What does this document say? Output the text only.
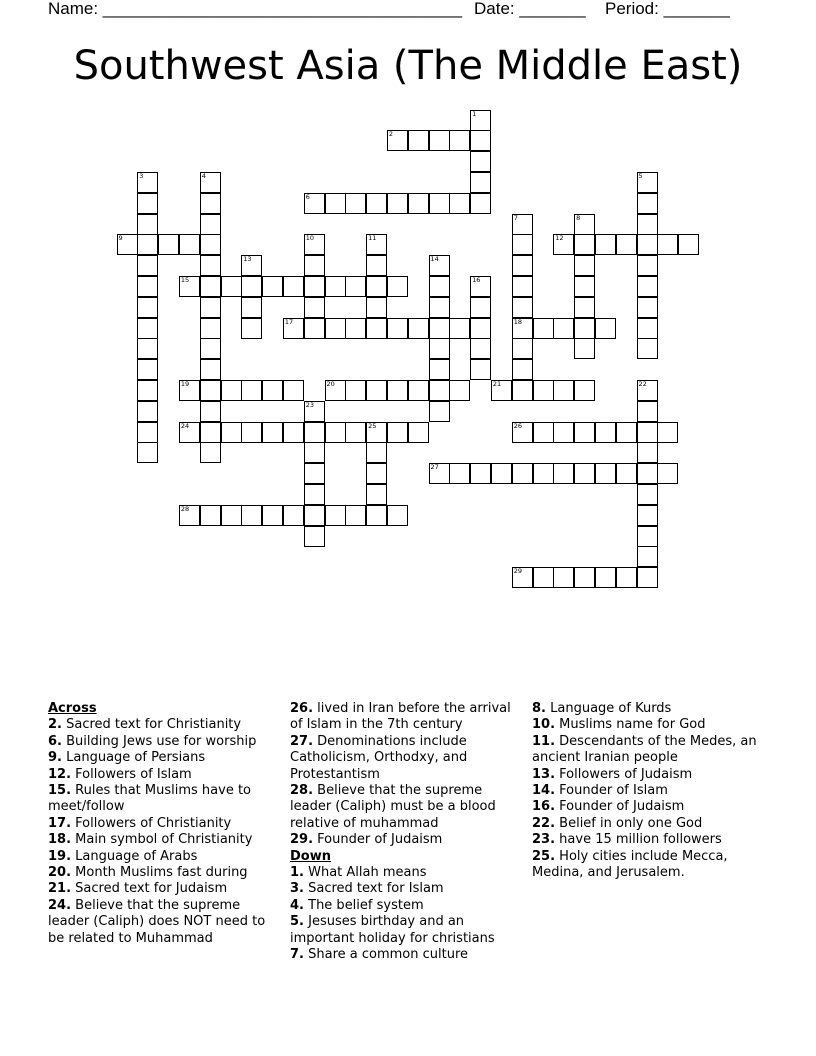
Name: ______________________________________ Date: _______ Period: _______
Southwest Asia (The Middle East)
1
2
3	4	5
6
7
18
8
9	10	11	12
13	14
15	16
17
19	20	21	22
23
24	25	26
27
28
29
Across
2. Sacred text for Christianity
6. Building Jews use for worship
9. Language of Persians
12. Followers of Islam
15. Rules that Muslims have to meet/follow
17. Followers of Christianity
18. Main symbol of Christianity
19. Language of Arabs
20. Month Muslims fast during
21. Sacred text for Judaism
24. Believe that the supreme leader (Caliph) does NOT need to be related to Muhammad
26. lived in Iran before the arrival of Islam in the 7th century
27. Denominations include Catholicism, Orthodxy, and Protestantism
28. Believe that the supreme leader (Caliph) must be a blood relative of muhammad
29. Founder of Judaism
Down
1. What Allah means
3. Sacred text for Islam
4. The belief system
5. Jesuses birthday and an important holiday for christians
7. Share a common culture
8. Language of Kurds
10. Muslims name for God
11. Descendants of the Medes, an ancient Iranian people
13. Followers of Judaism
14. Founder of Islam
16. Founder of Judaism
22. Belief in only one God
23. have 15 million followers
25. Holy cities include Mecca, Medina, and Jerusalem.
